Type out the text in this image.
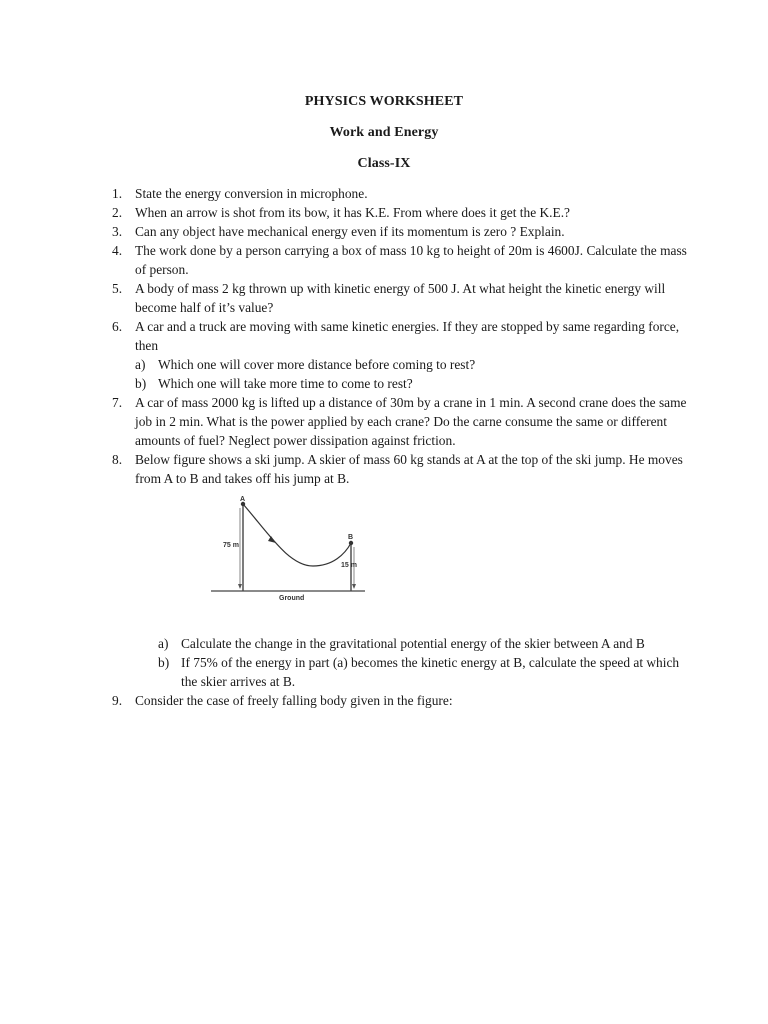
PHYSICS WORKSHEET
Work and Energy
Class-IX
1. State the energy conversion in microphone.
2. When an arrow is shot from its bow, it has K.E. From where does it get the K.E.?
3. Can any object have mechanical energy even if its momentum is zero ? Explain.
4. The work done by a person carrying a box of mass 10 kg to height of 20m is 4600J. Calculate the mass of person.
5. A body of mass 2 kg thrown up with kinetic energy of 500 J. At what height the kinetic energy will become half of it’s value?
6. A car and a truck are moving with same kinetic energies. If they are stopped by same regarding force, then
a) Which one will cover more distance before coming to rest?
b) Which one will take more time to come to rest?
7. A car of mass 2000 kg is lifted up a distance of 30m by a crane in 1 min. A second crane does the same job in 2 min. What is the power applied by each crane? Do the carne consume the same or different amounts of fuel? Neglect power dissipation against friction.
8. Below figure shows a ski jump. A skier of mass 60 kg stands at A at the top of the ski jump. He moves from A to B and takes off his jump at B.
A
B
75 m
15 m
Ground
a) Calculate the change in the gravitational potential energy of the skier between A and B
b) If 75% of the energy in part (a) becomes the kinetic energy at B, calculate the speed at which the skier arrives at B.
9. Consider the case of freely falling body given in the figure:
